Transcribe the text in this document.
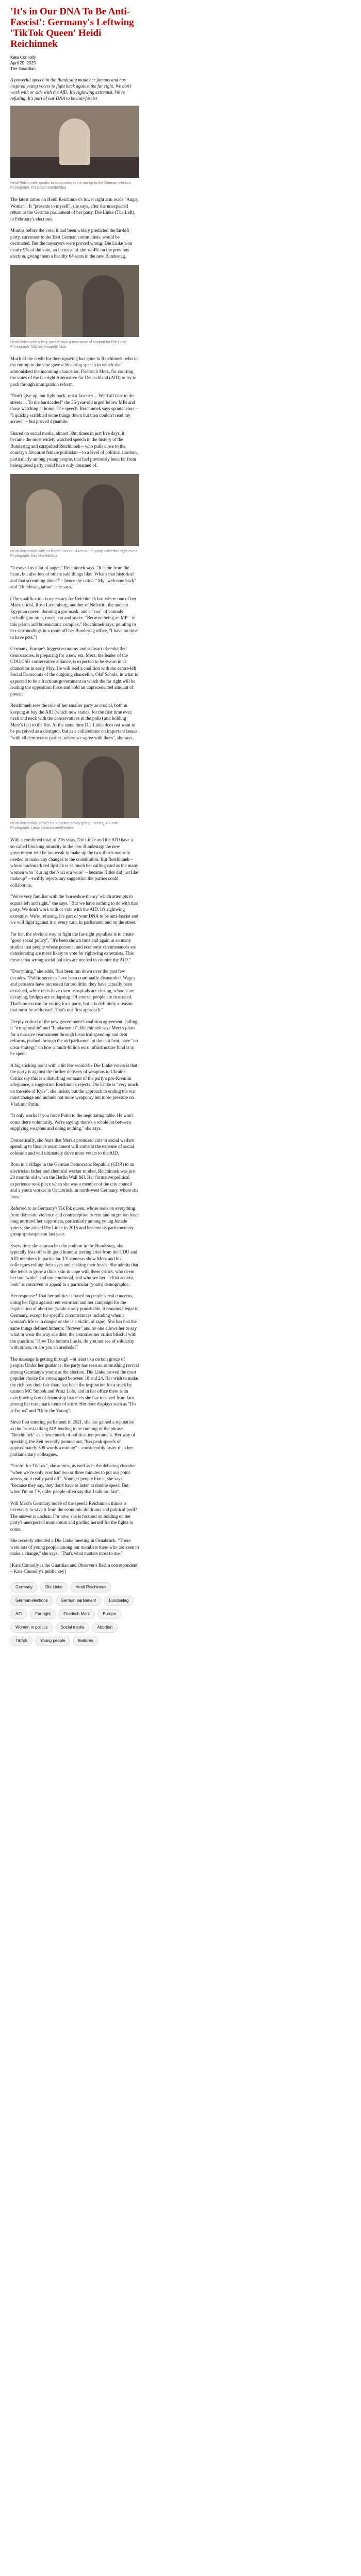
'It's in Our DNA To Be Anti-Fascist': Germany's Leftwing 'TikTok Queen' Heidi Reichinnek
Kate Connolly
April 29, 2025
The Guardian

A powerful speech in the Bundestag made her famous and has inspired young voters to fight back against the far right. We don't work with or side with the AfD. It's rightwing extremist. We're refusing. It's part of our DNA to be anti-fascist

Heidi Reichinnek speaks to supporters in the run-up to the German election. Photograph: Christoph Soeder/dpa

The latest tattoo on Heidi Reichinnek's lower right arm reads "Angry Woman". It "presents to myself", she says, after the unexpected return to the German parliament of her party, Die Linke (The Left), in February's elections.

Months before the vote, it had been widely predicted the far-left party, successor to the East German communists, would be decimated. But the naysayers were proved wrong: Die Linke won nearly 9% of the vote, an increase of almost 4% on the previous election, giving them a healthy 64 seats in the new Bundestag.

Heidi Reichinnek's fiery speech won a new wave of support for Die Linke. Photograph: Michael Kappeler/dpa

Much of the credit for their upswing has gone to Reichinnek, who in the run-up to the vote gave a blistering speech in which she admonished the incoming chancellor, Friedrich Merz, for courting the votes of the far-right Alternative für Deutschland (AfD) to try to push through immigration reform.

"Don't give up, but fight back, resist fascism ... We'll all take to the streets ... To the barricades!" the 36-year-old urged fellow MPs and those watching at home. The speech, Reichinnek says spontaneous – "I quickly scribbled some things down but then couldn't read my scrawl" – but proved dynamite.

Shared on social media, almost 30m times in just five days, it became the most widely watched speech in the history of the Bundestag and catapulted Reichinnek – who pulls close to the country's favourite female politician – to a level of political stardom, particularly among young people, that had previously been far from beleaguered party could have only dreamed of.

Heidi Reichinnek with co-leader Jan van Aken at the party's election night event. Photograph: Kay Nietfeld/dpa

"It moved us a lot of anger," Reichinnek says. "It came from the heart, but also lots of others said things like: 'What's that historical and that screaming about?' – hence the tattoo." My "welcome back" and "Bundestag tattoo", she says.

(The qualification is necessary for Reichinnek has-where one of her Marxist idol, Rosa Luxemburg, another of Nefertiti, the ancient Egyptian queen, donning a gas mask, and a "zoo" of animals including an otter, raven, cat and snake. "Because being an MP – in this prison and bureaucratic complex," Reichinnek says, pointing to her surroundings in a room off her Bundestag office, "I have no time to have pets.")

Germany, Europe's biggest economy and stalwart of embattled democracies, is preparing for a new era. Merz, the leader of the CDU/CSU conservative alliance, is expected to be sworn in as chancellor in early May. He will lead a coalition with the centre-left Social Democrats of the outgoing chancellor, Olaf Scholz, in what is expected to be a fractious government in which the far right will be leading the opposition force and hold an unprecedented amount of power.

Reichinnek sees the role of her smaller party as crucial, both in keeping at bay the AfD (which now stands, for the first time ever, neck and neck with the conservatives in the polls) and holding Merz's feet to the fire. At the same time Die Linke does not want to be perceived as a disruptor, but as a collaborator on important issues "with all democratic parties, where we agree with them", she says.

Heidi Reichinnek arrives for a parliamentary group meeting in Berlin. Photograph: Liesa Johannssen/Reuters

With a combined total of 216 seats, Die Linke and the AfD have a so-called blocking minority in the new Bundestag: the new government will be too weak to make up the two-thirds majority needed to make any changes to the constitution. But Reichinnek – whose trademark red lipstick is as much her calling card as the many women who "during the Nazi era wore" – became Hitler did just like makeup" – swiftly rejects any suggestion the parties could collaborate.

"We're very familiar with the 'horseshoe theory' which attempts to equate left and right," she says. "But we have nothing to do with that party. We don't work with or vote with the AfD. It's rightwing extremist. We're refusing. It's part of your DNA to be anti-fascist and we will fight against it at every turn, in parliament and on the street."

For her, the obvious way to fight the far-right populists is to create "good social policy". "It's been shown time and again in so many studies that people whose personal and economic circumstances are deteriorating are more likely to vote for rightwing extremists. This means that wrong social policies are needed to counter the AfD."

"Everything," she adds, "has been run down over the past few decades. "Public services have been continually dismantled. Wages and pensions have increased far too little; they have actually been devalued, while rents have risen. Hospitals are closing, schools are decaying, bridges are collapsing. Of course, people are frustrated. That's no excuse for voting for a party, but it is definitely a reason that must be addressed. That's our first approach."

Deeply critical of the new government's coalition agreement, calling it "irresponsible" and "fundamental", Reichinnek says Merz's plans for a massive rearmament through historical spending and debt reforms, pushed through the old parliament at the cult heat, have "no clear strategy" on how a multi-billion euro infrastructure fund is to be spent.

A big sticking point with a hit few would-be Die Linke voters is that the party is against the further delivery of weapons to Ukraine. Critics say this is a disturbing remnant of the party's pro-Kremlin allegiance, a suggestion Reichinnek rejects. Die Linke is "very much on the side of Kyiv", she insists, but the approach to ending the war must change and include not more weaponry but more pressure on Vladimir Putin.

"It only works if you force Putin to the negotiating table. He won't come there voluntarily. We're saying: there's a whole lot between supplying weapons and doing nothing," she says.

Domestically, she fears that Merz's promised cuts to social welfare spending to finance rearmament will come at the expense of social cohesion and will ultimately drive more voters to the AfD.

Born in a village in the German Democratic Republic (GDR) to an electrician father and chemical worker mother, Reichinnek was just 20 months old when the Berlin Wall fell. Her formative political experience took place when she was a member of the city council and a youth worker in Osnabrück, in north-west Germany, where she lives.

Referred to as Germany's TikTok queen, whose reels on everything from domestic violence and contraception to rent and migration have long nurtured her supporters, particularly among young female voters, she joined Die Linke in 2015 and became its parliamentary group spokesperson last year.

Every time she approaches the podium in the Bundestag, she typically fists off with good humour jeering cries from the CDU and AfD members in particular. TV cameras show Merz and his colleagues rolling their eyes and shaking their heads. She admits that she tends to grow a thick skin to cope with these critics, who deem her too "woke" and too emotional, and who see her "leftist activist look" is contrived to appeal to a particular (youth) demographic.

Her response? That her politics is based on people's real concerns, citing her fight against rent extortion and her campaign for the legalisation of abortion (while surely punishable, it remains illegal in Germany, except for specific circumstances including when a woman's life is in danger or she is a victim of rape). She has had the same things defined hitherto: "forever" and no one allows her to say what or wear the way she dies; the countries her critics blissful with the question: "How The bottom line is, do you not see of solidarity with others, or are you an arsehole?"

The message is getting through – at least to a certain group of people. Under her guidance, the party has seen an astonishing revival among Germany's youth: at the election, Die Linke proved the most popular choice for voters aged between 18 and 24. Her wish to make the rich pay their fair share has been the inspiration for a truck by cannon MC Smook and Prinz Lolo, and in her office there is an overflowing box of friendship bracelets she has received from fans, among her trademark items of attire. Her door displays such as "Do It For us" and "Only the Young".

Since first entering parliament in 2021, she has gained a reputation as the fastest talking MP, tending to be running of the phrase "Reichinnek" as a benchmark of political temperament. Her way of speaking, the Zeit recently pointed out, "has peak speeds of approximately 500 words a minute" – considerably faster than her parliamentary colleagues.

"Useful for TikTok", she admits, as well as in the debating chamber "when we've only ever had two or three minutes to put our point across, so it really paid off". Younger people like it, she says, "because they say, they don't have to listen at double speed. But when I'm on TV, older people often say that I talk too fast".

Will Merz's Germany move of the speed? Reichinnek thinks is necessary to save it from the economic doldrums and political peril? The answer is unclear. For now, she is focused on holding on her party's unexpected momentum and girding herself for the fights to come.

She recently attended a Die Linke meeting in Osnabrück. "There were lots of young people among our members there who are keen to make a change," she says. "That's what matters most to me."

[Kate Connolly is the Guardian and Observer's Berlin correspondent – Kate Connolly's public key]

Germany	Die Linke	Heidi Reichinnek
German elections	German parliament	Bundestag
AfD	Far right	Friedrich Merz	Europe
Women in politics	Social media	Abortion
TikTok	Young people	features
